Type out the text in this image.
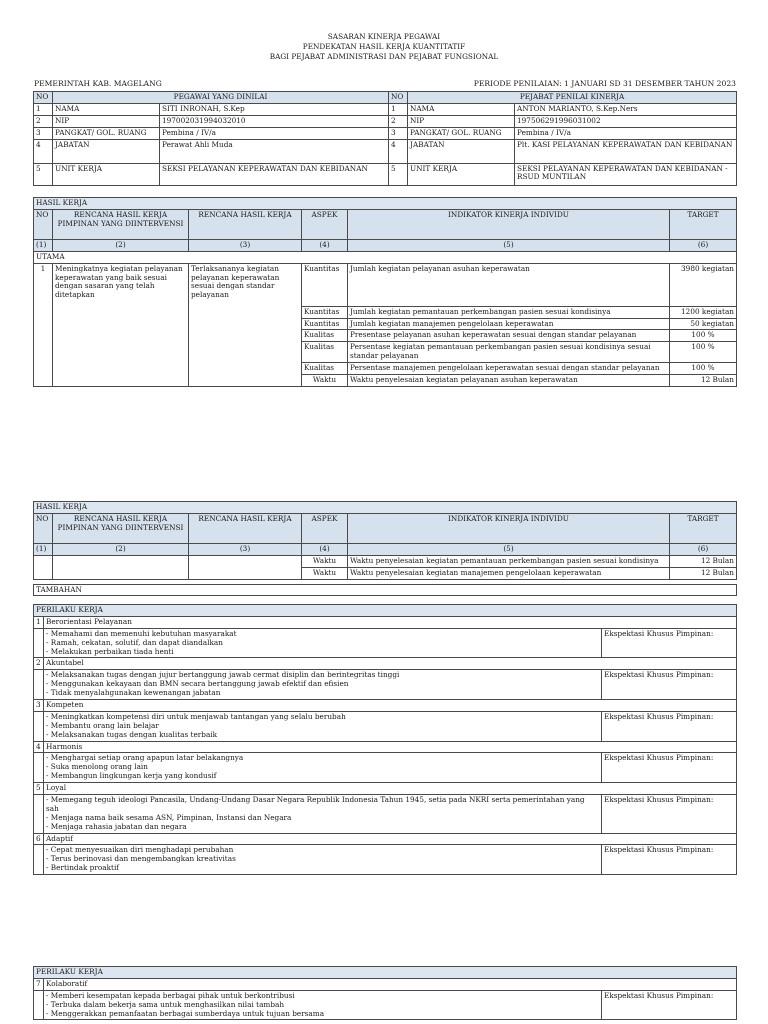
SASARAN KINERJA PEGAWAI
PENDEKATAN HASIL KERJA KUANTITATIF
BAGI PEJABAT ADMINISTRASI DAN PEJABAT FUNGSIONAL
PEMERINTAH KAB. MAGELANG	PERIODE PENILAIAN: 1 JANUARI SD 31 DESEMBER TAHUN 2023
NO	PEGAWAI YANG DINILAI		NO	PEJABAT PENILAI KINERJA	
1	NAMA	SITI INRONAH, S.Kep	1	NAMA	ANTON MARIANTO, S.Kep.Ners
2	NIP	197002031994032010	2	NIP	197506291996031002
3	PANGKAT/ GOL. RUANG	Pembina / IV/a	3	PANGKAT/ GOL. RUANG	Pembina / IV/a
4	JABATAN	Perawat Ahli Muda	4	JABATAN	Plt. KASI PELAYANAN KEPERAWATAN DAN KEBIDANAN
5	UNIT KERJA	SEKSI PELAYANAN KEPERAWATAN DAN KEBIDANAN	5	UNIT KERJA	SEKSI PELAYANAN KEPERAWATAN DAN KEBIDANAN - RSUD MUNTILAN
HASIL KERJA					
NO	RENCANA HASIL KERJA PIMPINAN YANG DIINTERVENSI	RENCANA HASIL KERJA	ASPEK	INDIKATOR KINERJA INDIVIDU	TARGET
(1)	(2)	(3)	(4)	(5)	(6)
UTAMA					
1	Meningkatnya kegiatan pelayanan keperawatan yang baik sesuai dengan sasaran yang telah ditetapkan	Terlaksananya kegiatan pelayanan keperawatan sesuai dengan standar pelayanan	Kuantitas	Jumlah kegiatan pelayanan asuhan keperawatan	3980 kegiatan
			Kuantitas	Jumlah kegiatan pemantauan perkembangan pasien sesuai kondisinya	1200 kegiatan
			Kuantitas	Jumlah kegiatan manajemen pengelolaan keperawatan	50 kegiatan
			Kualitas	Presentase pelayanan asuhan keperawatan sesuai dengan standar pelayanan	100 %
			Kualitas	Persentase kegiatan pemantauan perkembangan pasien sesuai kondisinya sesuai standar pelayanan	100 %
			Kualitas	Persentase manajemen pengelolaan keperawatan sesuai dengan standar pelayanan	100 %
			Waktu	Waktu penyelesaian kegiatan pelayanan asuhan keperawatan	12 Bulan
HASIL KERJA					
NO	RENCANA HASIL KERJA PIMPINAN YANG DIINTERVENSI	RENCANA HASIL KERJA	ASPEK	INDIKATOR KINERJA INDIVIDU	TARGET
(1)	(2)	(3)	(4)	(5)	(6)
			Waktu	Waktu penyelesaian kegiatan pemantauan perkembangan pasien sesuai kondisinya	12 Bulan
			Waktu	Waktu penyelesaian kegiatan manajemen pengelolaan keperawatan	12 Bulan

TAMBAHAN					
PERILAKU KERJA		
1	Berorientasi Pelayanan	

	- Memahami dan memenuhi kebutuhan masyarakat
- Ramah, cekatan, solutif, dan dapat diandalkan
- Melakukan perbaikan tiada henti	Ekspektasi Khusus Pimpinan:
2	Akuntabel	

	- Melaksanakan tugas dengan jujur bertanggung jawab cermat disiplin dan berintegritas tinggi
- Menggunakan kekayaan dan BMN secara bertanggung jawab efektif dan efisien
- Tidak menyalahgunakan kewenangan jabatan	Ekspektasi Khusus Pimpinan:
3	Kompeten	

	- Meningkatkan kompetensi diri untuk menjawab tantangan yang selalu berubah
- Membantu orang lain belajar
- Melaksanakan tugas dengan kualitas terbaik	Ekspektasi Khusus Pimpinan:
4	Harmonis	

	- Menghargai setiap orang apapun latar belakangnya
- Suka menolong orang lain
- Membangun lingkungan kerja yang kondusif	Ekspektasi Khusus Pimpinan:
5	Loyal	

	- Memegang teguh ideologi Pancasila, Undang-Undang Dasar Negara Republik Indonesia Tahun 1945, setia pada NKRI serta pemerintahan yang sah
- Menjaga nama baik sesama ASN, Pimpinan, Instansi dan Negara
- Menjaga rahasia jabatan dan negara	Ekspektasi Khusus Pimpinan:
6	Adaptif	

	- Cepat menyesuaikan diri menghadapi perubahan
- Terus berinovasi dan mengembangkan kreativitas
- Bertindak proaktif	Ekspektasi Khusus Pimpinan:
PERILAKU KERJA		
7	Kolaboratif	

	- Memberi kesempatan kepada berbagai pihak untuk berkontribusi
- Terbuka dalam bekerja sama untuk menghasilkan nilai tambah
- Menggerakkan pemanfaatan berbagai sumberdaya untuk tujuan bersama	Ekspektasi Khusus Pimpinan:
